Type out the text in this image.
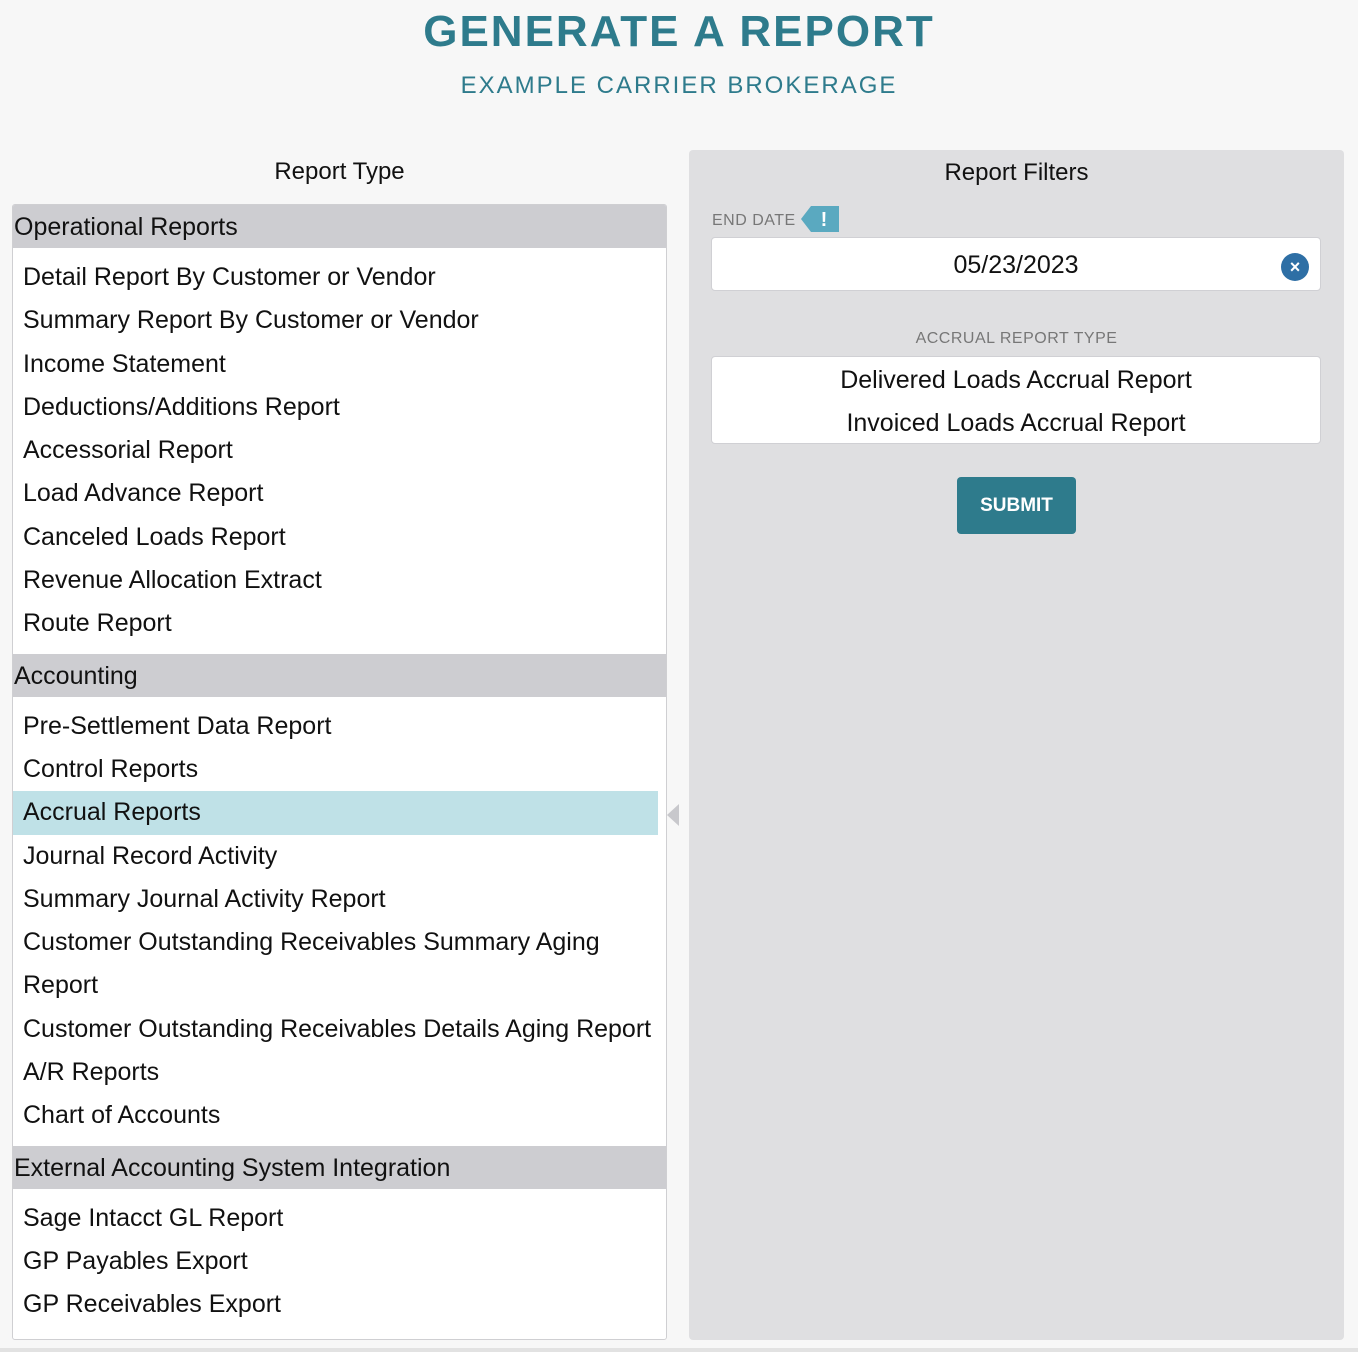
GENERATE A REPORT
EXAMPLE CARRIER BROKERAGE
Report Type
Operational Reports
Detail Report By Customer or Vendor
Summary Report By Customer or Vendor
Income Statement
Deductions/Additions Report
Accessorial Report
Load Advance Report
Canceled Loads Report
Revenue Allocation Extract
Route Report
Accounting
Pre-Settlement Data Report
Control Reports
Accrual Reports
Journal Record Activity
Summary Journal Activity Report
Customer Outstanding Receivables Summary Aging
Report
Customer Outstanding Receivables Details Aging Report
A/R Reports
Chart of Accounts
External Accounting System Integration
Sage Intacct GL Report
GP Payables Export
GP Receivables Export
Report Filters
END DATE !
05/23/2023	×
ACCRUAL REPORT TYPE
Delivered Loads Accrual Report
Invoiced Loads Accrual Report
SUBMIT
